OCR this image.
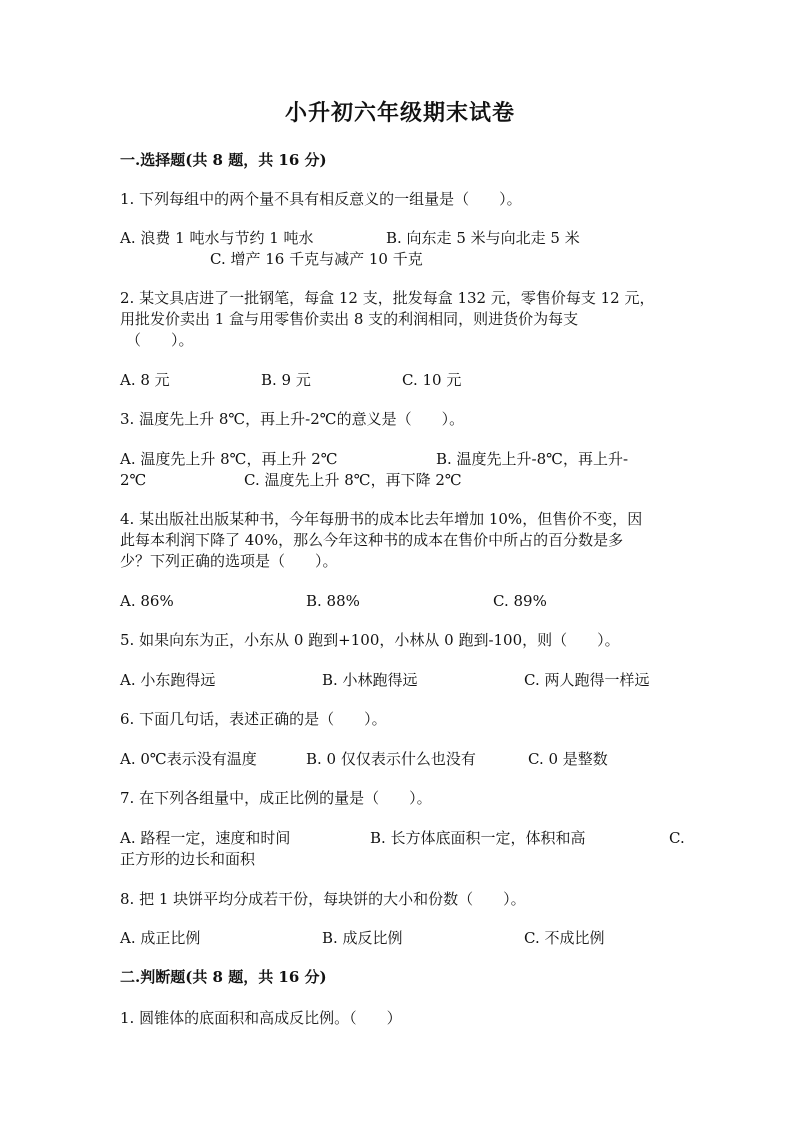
小升初六年级期末试卷
一.选择题(共 8 题，共 16 分)
1. 下列每组中的两个量不具有相反意义的一组量是（　　）。
A. 浪费 1 吨水与节约 1 吨水	B. 向东走 5 米与向北走 5 米
C. 增产 16 千克与减产 10 千克
2. 某文具店进了一批钢笔，每盒 12 支，批发每盒 132 元，零售价每支 12 元，
用批发价卖出 1 盒与用零售价卖出 8 支的利润相同，则进货价为每支
（　　）。
A. 8 元	B. 9 元	C. 10 元
3. 温度先上升 8℃，再上升-2℃的意义是（　　）。
A. 温度先上升 8℃，再上升 2℃	B. 温度先上升-8℃，再上升-
2℃	C. 温度先上升 8℃，再下降 2℃
4. 某出版社出版某种书，今年每册书的成本比去年增加 10%，但售价不变，因
此每本利润下降了 40%，那么今年这种书的成本在售价中所占的百分数是多
少？下列正确的选项是（　　）。
A. 86%	B. 88%	C. 89%
5. 如果向东为正，小东从 0 跑到+100，小林从 0 跑到-100，则（　　）。
A. 小东跑得远	B. 小林跑得远	C. 两人跑得一样远
6. 下面几句话，表述正确的是（　　）。
A. 0℃表示没有温度	B. 0 仅仅表示什么也没有	C. 0 是整数
7. 在下列各组量中，成正比例的量是（　　）。
A. 路程一定，速度和时间	B. 长方体底面积一定，体积和高	C.
正方形的边长和面积
8. 把 1 块饼平均分成若干份，每块饼的大小和份数（　　）。
A. 成正比例	B. 成反比例	C. 不成比例
二.判断题(共 8 题，共 16 分)
1. 圆锥体的底面积和高成反比例。（　　）
